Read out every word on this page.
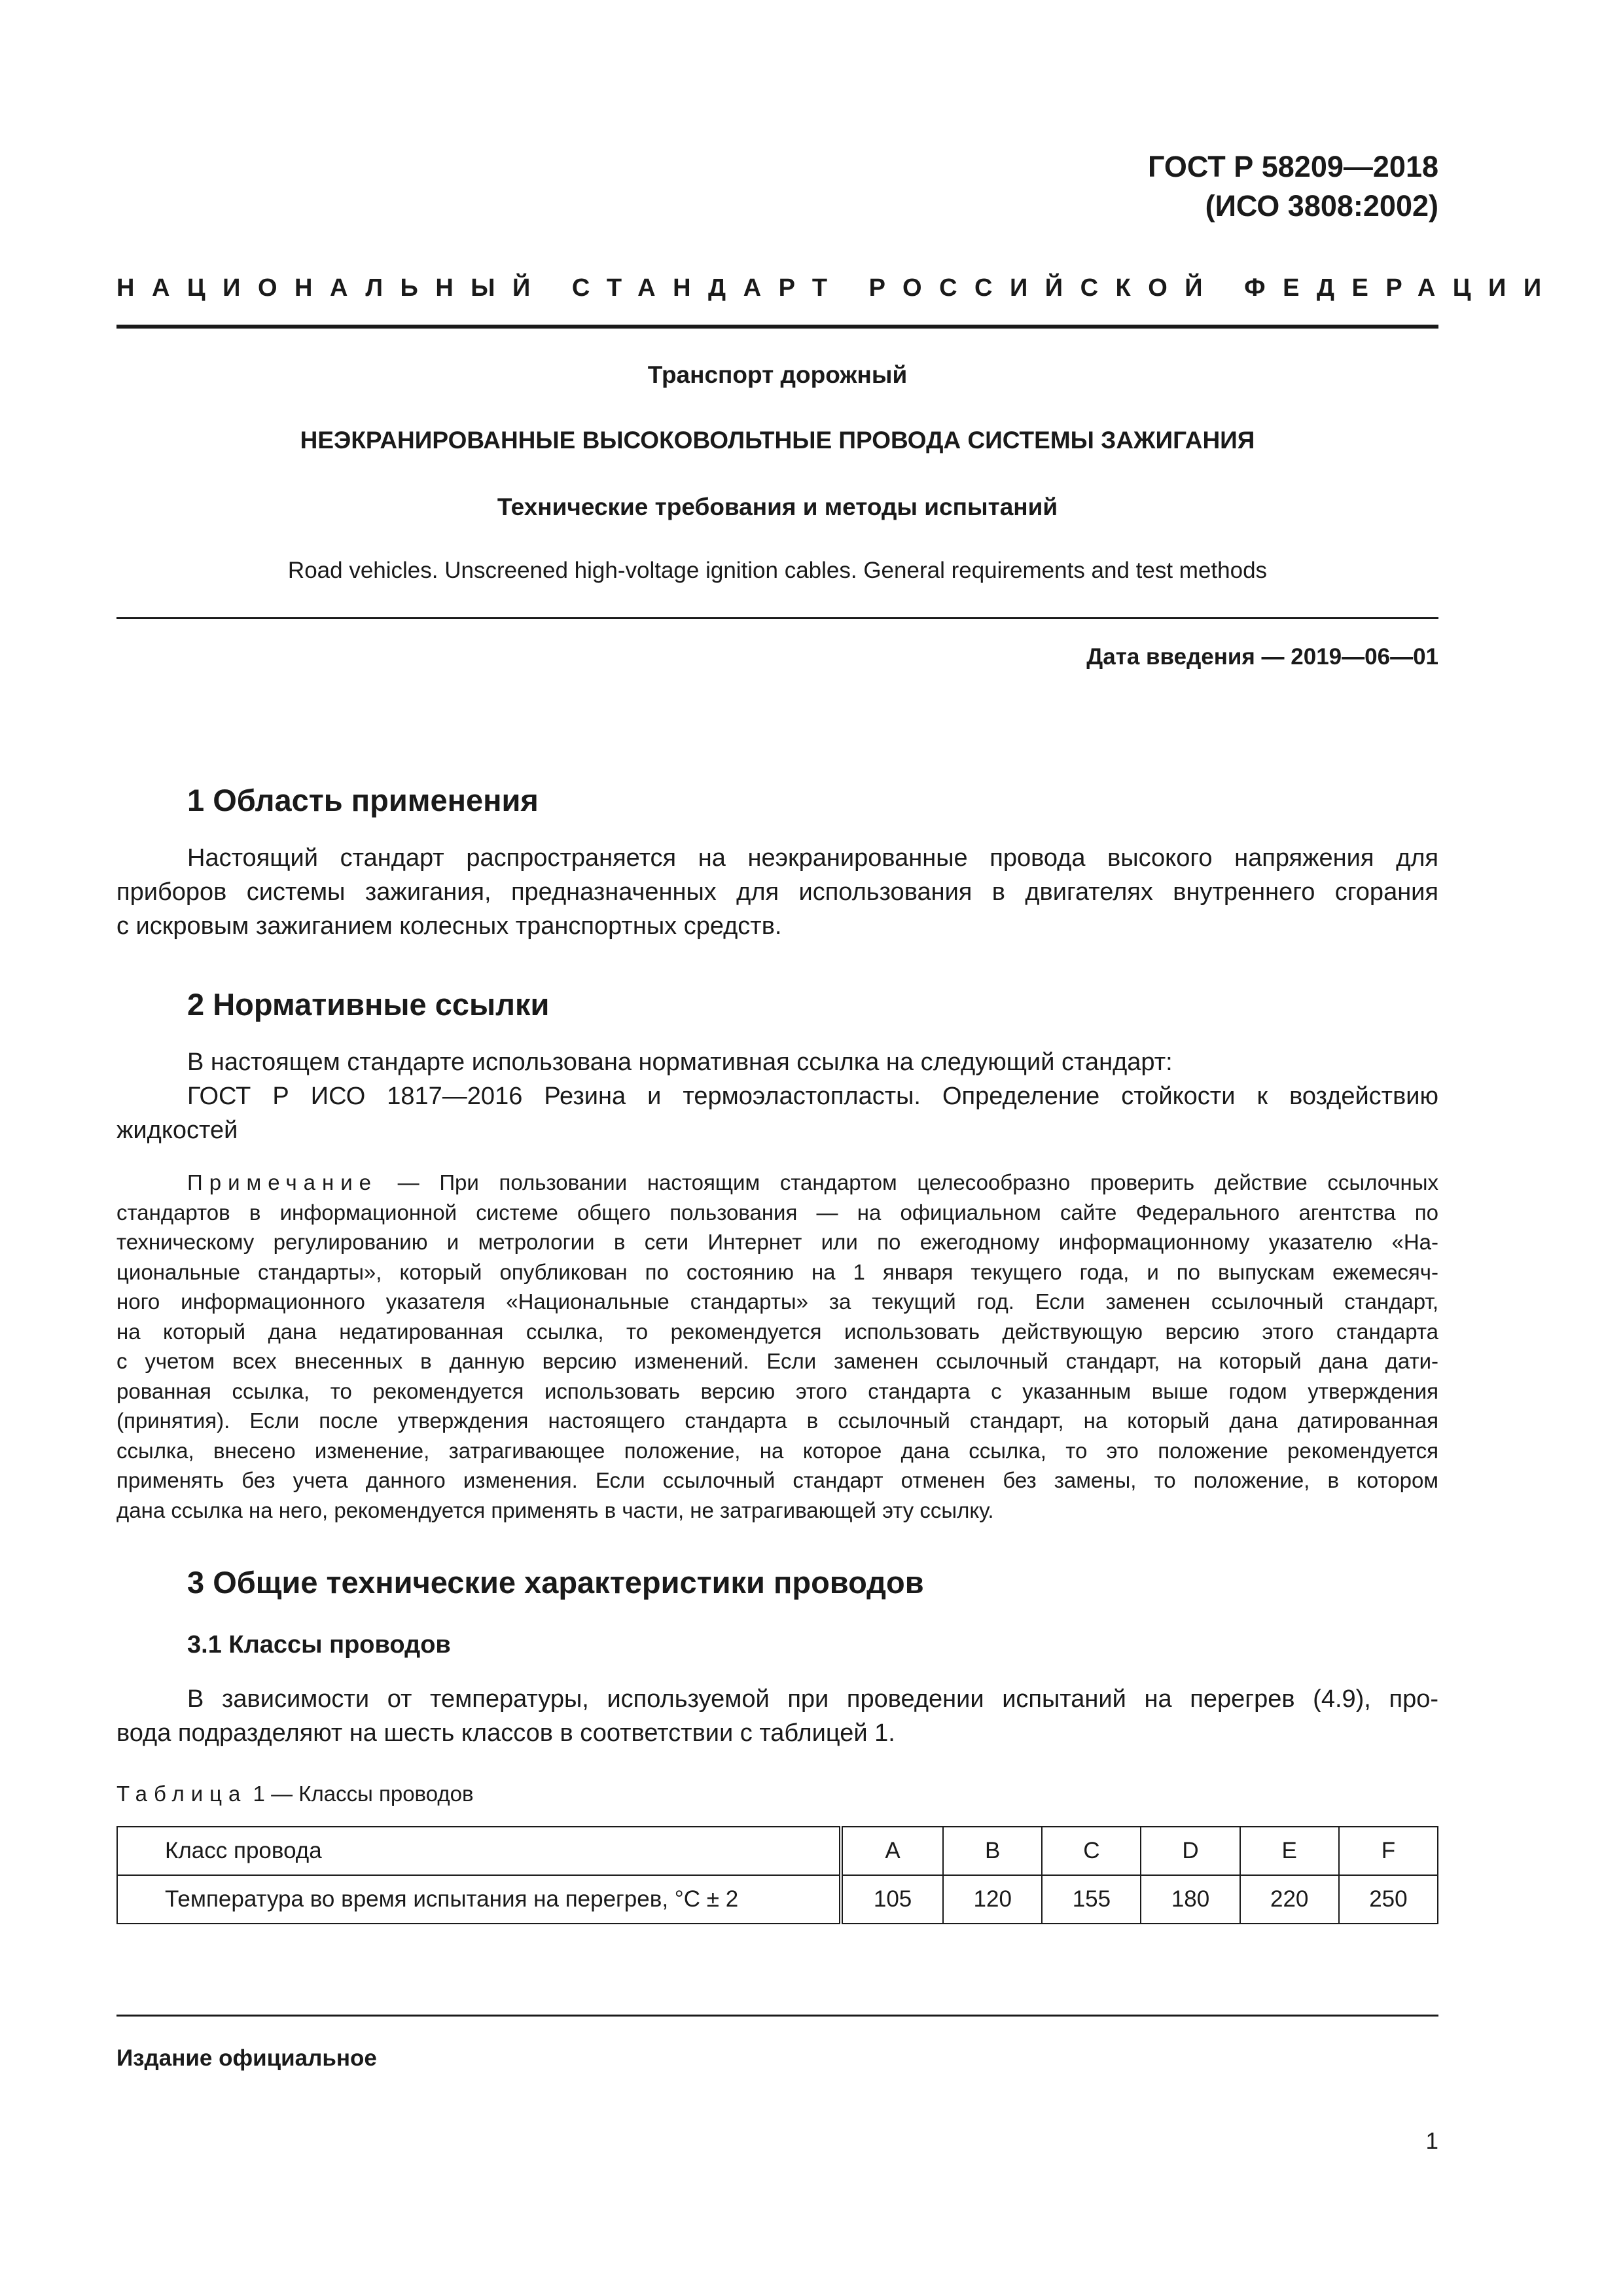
ГОСТ Р 58209—2018
(ИСО 3808:2002)
НАЦИОНАЛЬНЫЙ СТАНДАРТ РОССИЙСКОЙ ФЕДЕРАЦИИ
Транспорт дорожный
НЕЭКРАНИРОВАННЫЕ ВЫСОКОВОЛЬТНЫЕ ПРОВОДА СИСТЕМЫ ЗАЖИГАНИЯ
Технические требования и методы испытаний
Road vehicles. Unscreened high-voltage ignition cables. General requirements and test methods
Дата введения — 2019—06—01
1 Область применения
Настоящий стандарт распространяется на неэкранированные провода высокого напряжения для
приборов системы зажигания, предназначенных для использования в двигателях внутреннего сгорания
с искровым зажиганием колесных транспортных средств.
2 Нормативные ссылки
В настоящем стандарте использована нормативная ссылка на следующий стандарт:
ГОСТ Р ИСО 1817—2016 Резина и термоэластопласты. Определение стойкости к воздействию
жидкостей
Примечание — При пользовании настоящим стандартом целесообразно проверить действие ссылочных
стандартов в информационной системе общего пользования — на официальном сайте Федерального агентства по
техническому регулированию и метрологии в сети Интернет или по ежегодному информационному указателю «На-
циональные стандарты», который опубликован по состоянию на 1 января текущего года, и по выпускам ежемесяч-
ного информационного указателя «Национальные стандарты» за текущий год. Если заменен ссылочный стандарт,
на который дана недатированная ссылка, то рекомендуется использовать действующую версию этого стандарта
с учетом всех внесенных в данную версию изменений. Если заменен ссылочный стандарт, на который дана дати-
рованная ссылка, то рекомендуется использовать версию этого стандарта с указанным выше годом утверждения
(принятия). Если после утверждения настоящего стандарта в ссылочный стандарт, на который дана датированная
ссылка, внесено изменение, затрагивающее положение, на которое дана ссылка, то это положение рекомендуется
применять без учета данного изменения. Если ссылочный стандарт отменен без замены, то положение, в котором
дана ссылка на него, рекомендуется применять в части, не затрагивающей эту ссылку.
3 Общие технические характеристики проводов
3.1 Классы проводов
В зависимости от температуры, используемой при проведении испытаний на перегрев (4.9), про-
вода подразделяют на шесть классов в соответствии с таблицей 1.
Таблица 1 — Классы проводов
Класс провода	A	B	C	D	E	F
Температура во время испытания на перегрев, °С ± 2	105	120	155	180	220	250
Издание официальное
1
